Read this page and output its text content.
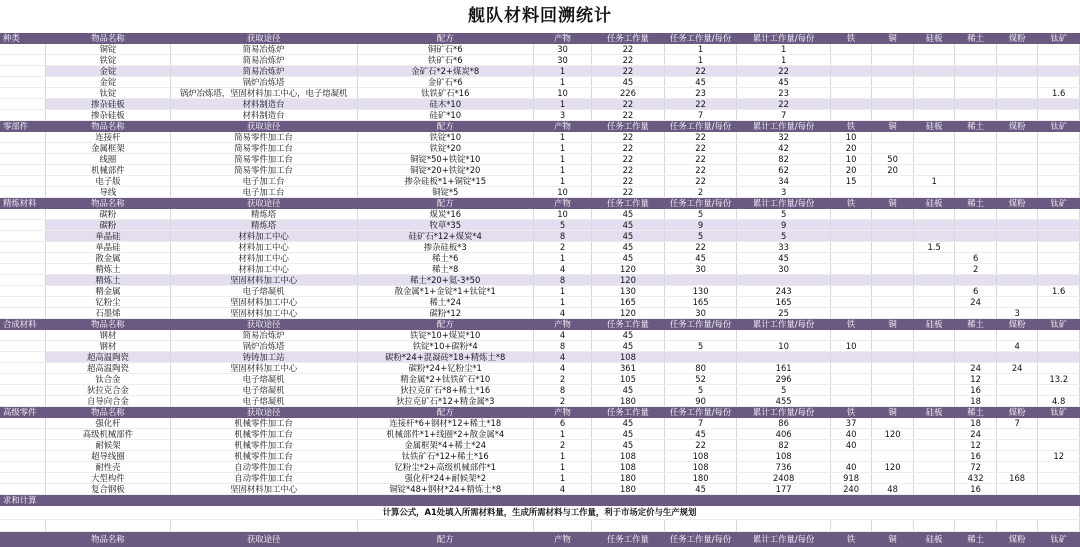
舰队材料回溯统计
种类	物品名称	获取途径	配方	产物	任务工作量	任务工作量/每份	累计工作量/每份	铁	铜	硅板	稀土	煤粉	钛矿
	铜锭	简易冶炼炉	铜矿石*6	30	22	1	1						
	铁锭	简易冶炼炉	铁矿石*6	30	22	1	1						
	金锭	简易冶炼炉	金矿石*2+煤炭*8	1	22	22	22						
	金锭	锅炉冶炼塔	金矿石*6	1	45	45	45						
	钛锭	锅炉冶炼塔，坚固材料加工中心，电子熔凝机	钛铁矿石*16	10	226	23	23						1.6
	掺杂硅板	材料制造台	硅木*10	1	22	22	22						
	掺杂硅板	材料制造台	硅矿*10	3	22	7	7						
零部件	物品名称	获取途径	配方	产物	任务工作量	任务工作量/每份	累计工作量/每份	铁	铜	硅板	稀土	煤粉	钛矿
	连接杆	简易零件加工台	铁锭*10	1	22	22	32	10					
	金属框架	简易零件加工台	铁锭*20	1	22	22	42	20					
	线圈	简易零件加工台	铜锭*50+铁锭*10	1	22	22	82	10	50				
	机械部件	简易零件加工台	铜锭*20+铁锭*20	1	22	22	62	20	20				
	电子版	电子加工台	掺杂硅板*1+铜锭*15	1	22	22	34	15		1			
	导线	电子加工台	铜锭*5	10	22	2	3						
精炼材料	物品名称	获取途径	配方	产物	任务工作量	任务工作量/每份	累计工作量/每份	铁	铜	硅板	稀土	煤粉	钛矿
	碳粉	精炼塔	煤炭*16	10	45	5	5						
	碳粉	精炼塔	牧草*35	5	45	9	9						
	单晶硅	材料加工中心	硅矿石*12+煤炭*4	8	45	5	5						
	单晶硅	材料加工中心	掺杂硅板*3	2	45	22	33			1.5			
	散金属	材料加工中心	稀土*6	1	45	45	45				6		
	精炼土	材料加工中心	稀土*8	4	120	30	30				2		
	精炼土	坚固材料加工中心	稀土*20+氦-3*50	8	120								
	精金属	电子熔凝机	散金属*1+金锭*1+钛锭*1	1	130	130	243				6		1.6
	钇粉尘	坚固材料加工中心	稀土*24	1	165	165	165				24		
	石墨烯	坚固材料加工中心	碳粉*12	4	120	30	25					3	
合成材料	物品名称	获取途径	配方	产物	任务工作量	任务工作量/每份	累计工作量/每份	铁	铜	硅板	稀土	煤粉	钛矿
	钢材	简易冶炼炉	铁锭*10+煤炭*10	4	45								
	钢材	锅炉冶炼塔	铁锭*10+碳粉*4	8	45	5	10	10				4	
	超高温陶瓷	铸铸加工站	碳粉*24+混凝砖*18+精炼土*8	4	108								
	超高温陶瓷	坚固材料加工中心	碳粉*24+钇粉尘*1	4	361	80	161				24	24	
	钛合金	电子熔凝机	精金属*2+钛铁矿石*10	2	105	52	296				12		13.2
	狄拉克合金	电子熔凝机	狄拉克矿石*8+稀土*16	8	45	5	5				16		
	自导向合金	电子熔凝机	狄拉克矿石*12+精金属*3	2	180	90	455				18		4.8
高级零件	物品名称	获取途径	配方	产物	任务工作量	任务工作量/每份	累计工作量/每份	铁	铜	硅板	稀土	煤粉	钛矿
	强化杆	机械零件加工台	连接杆*6+钢材*12+稀土*18	6	45	7	86	37			18	7	
	高级机械部件	机械零件加工台	机械部件*1+线圈*2+散金属*4	1	45	45	406	40	120		24		
	耐候架	机械零件加工台	金属框架*4+稀土*24	2	45	22	82	40			12		
	超导线圈	机械零件加工台	钛铁矿石*12+稀土*16	1	108	108	108				16		12
	耐性壳	自动零件加工台	钇粉尘*2+高级机械部件*1	1	108	108	736	40	120		72		
	大型构件	自动零件加工台	强化杆*24+耐候架*2	1	180	180	2408	918			432	168	
	复合钢板	坚固材料加工中心	铜锭*48+钢材*24+精炼土*8	4	180	45	177	240	48		16		
求和计算													
计算公式，A1处填入所需材料量，生成所需材料与工作量，利于市场定价与生产规划													

	物品名称	获取途径	配方	产物	任务工作量	任务工作量/每份	累计工作量/每份	铁	铜	硅板	稀土	煤粉	钛矿
